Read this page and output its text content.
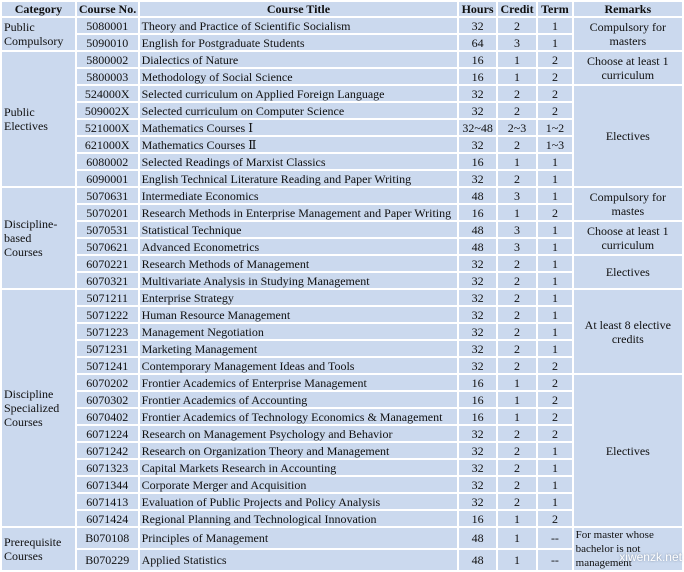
Category	Course No.	Course Title	Hours	Credit	Term	Remarks
Public Compulsory	5080001	Theory and Practice of Scientific Socialism	32	2	1	Compulsory for masters
	5090010	English for Postgraduate Students	64	3	1	
Public Electives	5800002	Dialectics of Nature	16	1	2	Choose at least 1 curriculum
	5800003	Methodology of Social Science	16	1	2	
	524000X	Selected curriculum on Applied Foreign Language	32	2	2	Electives
	509002X	Selected curriculum on Computer Science	32	2	2	
	521000X	Mathematics Courses Ⅰ	32~48	2~3	1~2	
	621000X	Mathematics Courses Ⅱ	32	2	1~3	
	6080002	Selected Readings of Marxist Classics	16	1	1	
	6090001	English Technical Literature Reading and Paper Writing	32	2	1	
Discipline-based Courses	5070631	Intermediate Economics	48	3	1	Compulsory for mastes
	5070201	Research Methods in Enterprise Management and Paper Writing	16	1	2	
	5070531	Statistical Technique	48	3	1	Choose at least 1 curriculum
	5070621	Advanced Econometrics	48	3	1	
	6070221	Research Methods of Management	32	2	1	Electives
	6070321	Multivariate Analysis in Studying Management	32	2	1	
Discipline Specialized Courses	5071211	Enterprise Strategy	32	2	1	At least 8 elective credits
	5071222	Human Resource Management	32	2	1	
	5071223	Management Negotiation	32	2	1	
	5071231	Marketing Management	32	2	1	
	5071241	Contemporary Management Ideas and Tools	32	2	2	
	6070202	Frontier Academics of Enterprise Management	16	1	2	Electives
	6070302	Frontier Academics of Accounting	16	1	2	
	6070402	Frontier Academics of Technology Economics & Management	16	1	2	
	6071224	Research on Management Psychology and Behavior	32	2	2	
	6071242	Research on Organization Theory and Management	32	2	1	
	6071323	Capital Markets Research in Accounting	32	2	1	
	6071344	Corporate Merger and Acquisition	32	2	1	
	6071413	Evaluation of Public Projects and Policy Analysis	32	2	1	
	6071424	Regional Planning and Technological Innovation	16	1	2	
Prerequisite Courses	B070108	Principles of Management	48	1	--	For master whose bachelor is not management
	B070229	Applied Statistics	48	1	--		xiwenzk.net
